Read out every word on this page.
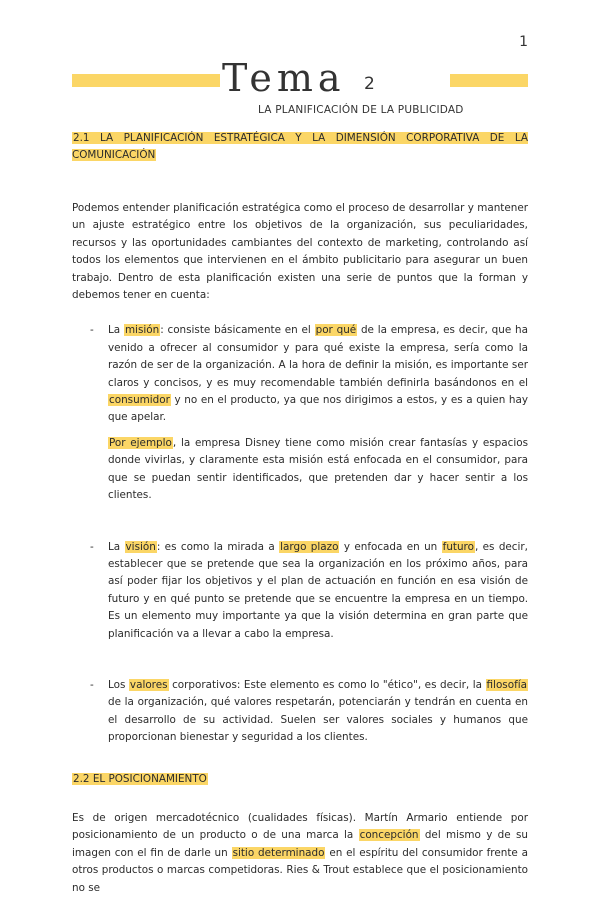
1
Tema 2
LA PLANIFICACIÓN DE LA PUBLICIDAD

2.1 LA PLANIFICACIÓN ESTRATÉGICA Y LA DIMENSIÓN CORPORATIVA DE LA COMUNICACIÓN

Podemos entender planificación estratégica como el proceso de desarrollar y mantener un ajuste estratégico entre los objetivos de la organización, sus peculiaridades, recursos y las oportunidades cambiantes del contexto de marketing, controlando así todos los elementos que intervienen en el ámbito publicitario para asegurar un buen trabajo. Dentro de esta planificación existen una serie de puntos que la forman y debemos tener en cuenta:

- La misión: consiste básicamente en el por qué de la empresa, es decir, que ha venido a ofrecer al consumidor y para qué existe la empresa, sería como la razón de ser de la organización. A la hora de definir la misión, es importante ser claros y concisos, y es muy recomendable también definirla basándonos en el consumidor y no en el producto, ya que nos dirigimos a estos, y es a quien hay que apelar.

Por ejemplo, la empresa Disney tiene como misión crear fantasías y espacios donde vivirlas, y claramente esta misión está enfocada en el consumidor, para que se puedan sentir identificados, que pretenden dar y hacer sentir a los clientes.

- La visión: es como la mirada a largo plazo y enfocada en un futuro, es decir, establecer que se pretende que sea la organización en los próximo años, para así poder fijar los objetivos y el plan de actuación en función en esa visión de futuro y en qué punto se pretende que se encuentre la empresa en un tiempo. Es un elemento muy importante ya que la visión determina en gran parte que planificación va a llevar a cabo la empresa.

- Los valores corporativos: Este elemento es como lo "ético", es decir, la filosofía de la organización, qué valores respetarán, potenciarán y tendrán en cuenta en el desarrollo de su actividad. Suelen ser valores sociales y humanos que proporcionan bienestar y seguridad a los clientes.

2.2 EL POSICIONAMIENTO

Es de origen mercadotécnico (cualidades físicas). Martín Armario entiende por posicionamiento de un producto o de una marca la concepción del mismo y de su imagen con el fin de darle un sitio determinado en el espíritu del consumidor frente a otros productos o marcas competidoras. Ries & Trout establece que el posicionamiento no se
